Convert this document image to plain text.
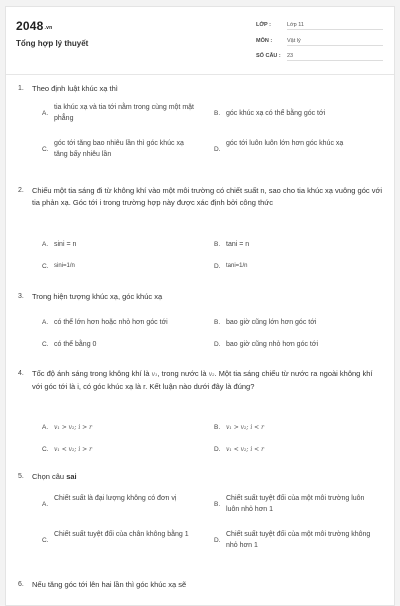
$2048^{.vn}$
Tổng hợp lý thuyết
LỚP :	Lớp 11
MÔN :	Vật lý
SỐ CÂU : 23
1. Theo định luật khúc xạ thì
A.
tia khúc xạ và tia tới nằm trong cùng một mặt phẳng
B. góc khúc xạ có thể bằng góc tới
C.
góc tới tăng bao nhiêu lần thì góc khúc xạ tăng bấy nhiêu lần
D.
góc tới luôn luôn lớn hơn góc khúc xạ
2. Chiếu một tia sáng đi từ không khí vào một môi trường có chiết suất n, sao cho tia khúc xạ vuông góc với tia phản xạ. Góc tới i trong trường hợp này được xác định bởi công thức
A. sini = n	B. tani = n
C. sini=1/n	D. tani=1/n
3. Trong hiện tượng khúc xạ, góc khúc xạ
A. có thể lớn hơn hoặc nhỏ hơn góc tới	B. bao giờ cũng lớn hơn góc tới
C. có thể bằng 0	D. bao giờ cũng nhỏ hơn góc tới
4. Tốc độ ánh sáng trong không khí là v₁, trong nước là v₂. Một tia sáng chiếu từ nước ra ngoài không khí với góc tới là i, có góc khúc xạ là r. Kết luận nào dưới đây là đúng?
A. v₁ > v₂; i > r	B. v₁ > v₂; i < r
C. v₁ < v₂; i > r	D. v₁ < v₂; i < r
5. Chọn câu sai
A.
Chiết suất là đại lượng không có đơn vị
B.
Chiết suất tuyệt đối của một môi trường luôn luôn nhỏ hơn 1
C.
Chiết suất tuyệt đối của chân không bằng 1
D.
Chiết suất tuyệt đối của một môi trường không nhỏ hơn 1
6. Nếu tăng góc tới lên hai lần thì góc khúc xạ sẽ
